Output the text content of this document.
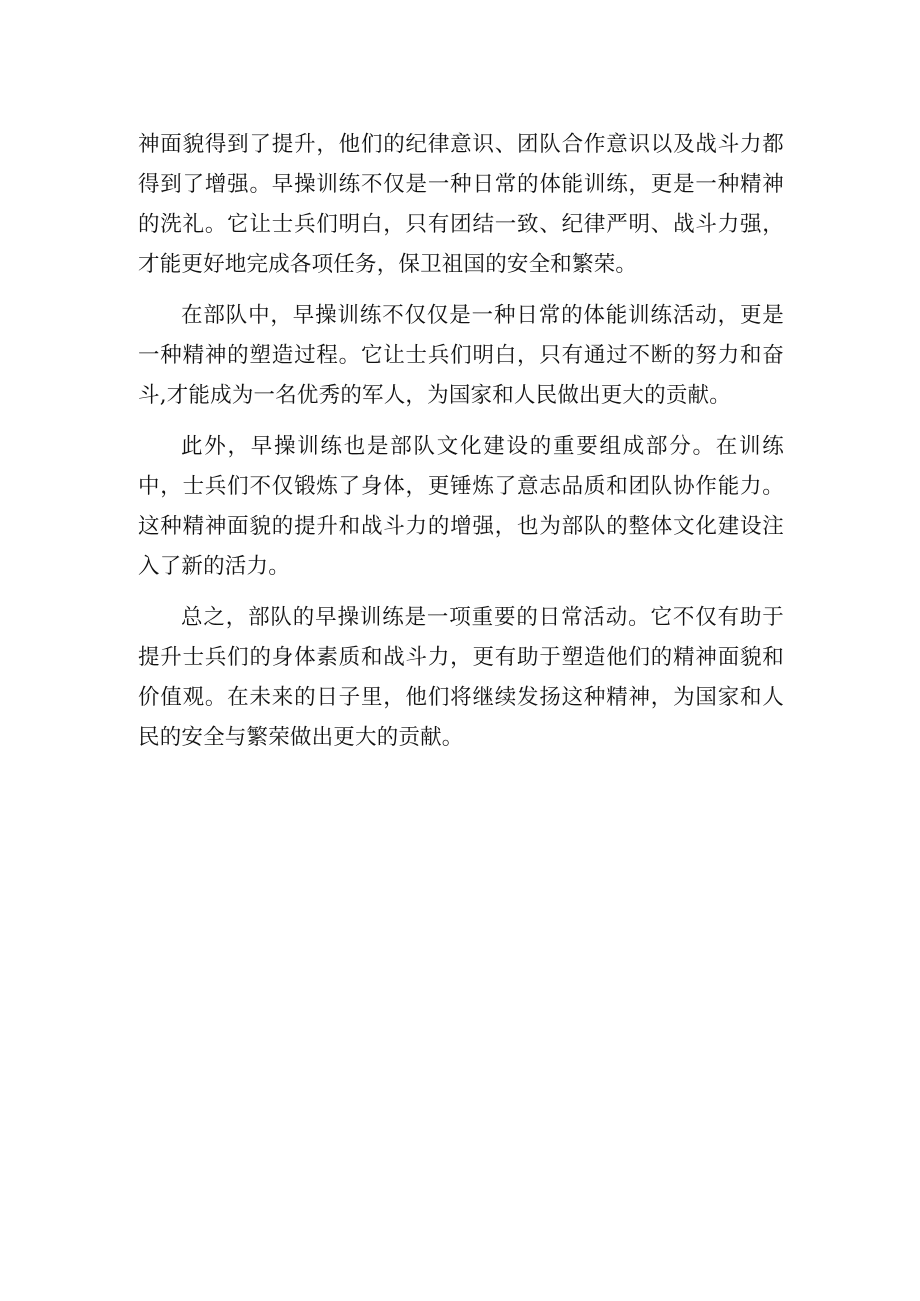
神面貌得到了提升，他们的纪律意识、团队合作意识以及战斗力都得到了增强。早操训练不仅是一种日常的体能训练，更是一种精神的洗礼。它让士兵们明白，只有团结一致、纪律严明、战斗力强，才能更好地完成各项任务，保卫祖国的安全和繁荣。

在部队中，早操训练不仅仅是一种日常的体能训练活动，更是一种精神的塑造过程。它让士兵们明白，只有通过不断的努力和奋斗,才能成为一名优秀的军人，为国家和人民做出更大的贡献。

此外，早操训练也是部队文化建设的重要组成部分。在训练中，士兵们不仅锻炼了身体，更锤炼了意志品质和团队协作能力。这种精神面貌的提升和战斗力的增强，也为部队的整体文化建设注入了新的活力。

总之，部队的早操训练是一项重要的日常活动。它不仅有助于提升士兵们的身体素质和战斗力，更有助于塑造他们的精神面貌和价值观。在未来的日子里，他们将继续发扬这种精神，为国家和人民的安全与繁荣做出更大的贡献。
